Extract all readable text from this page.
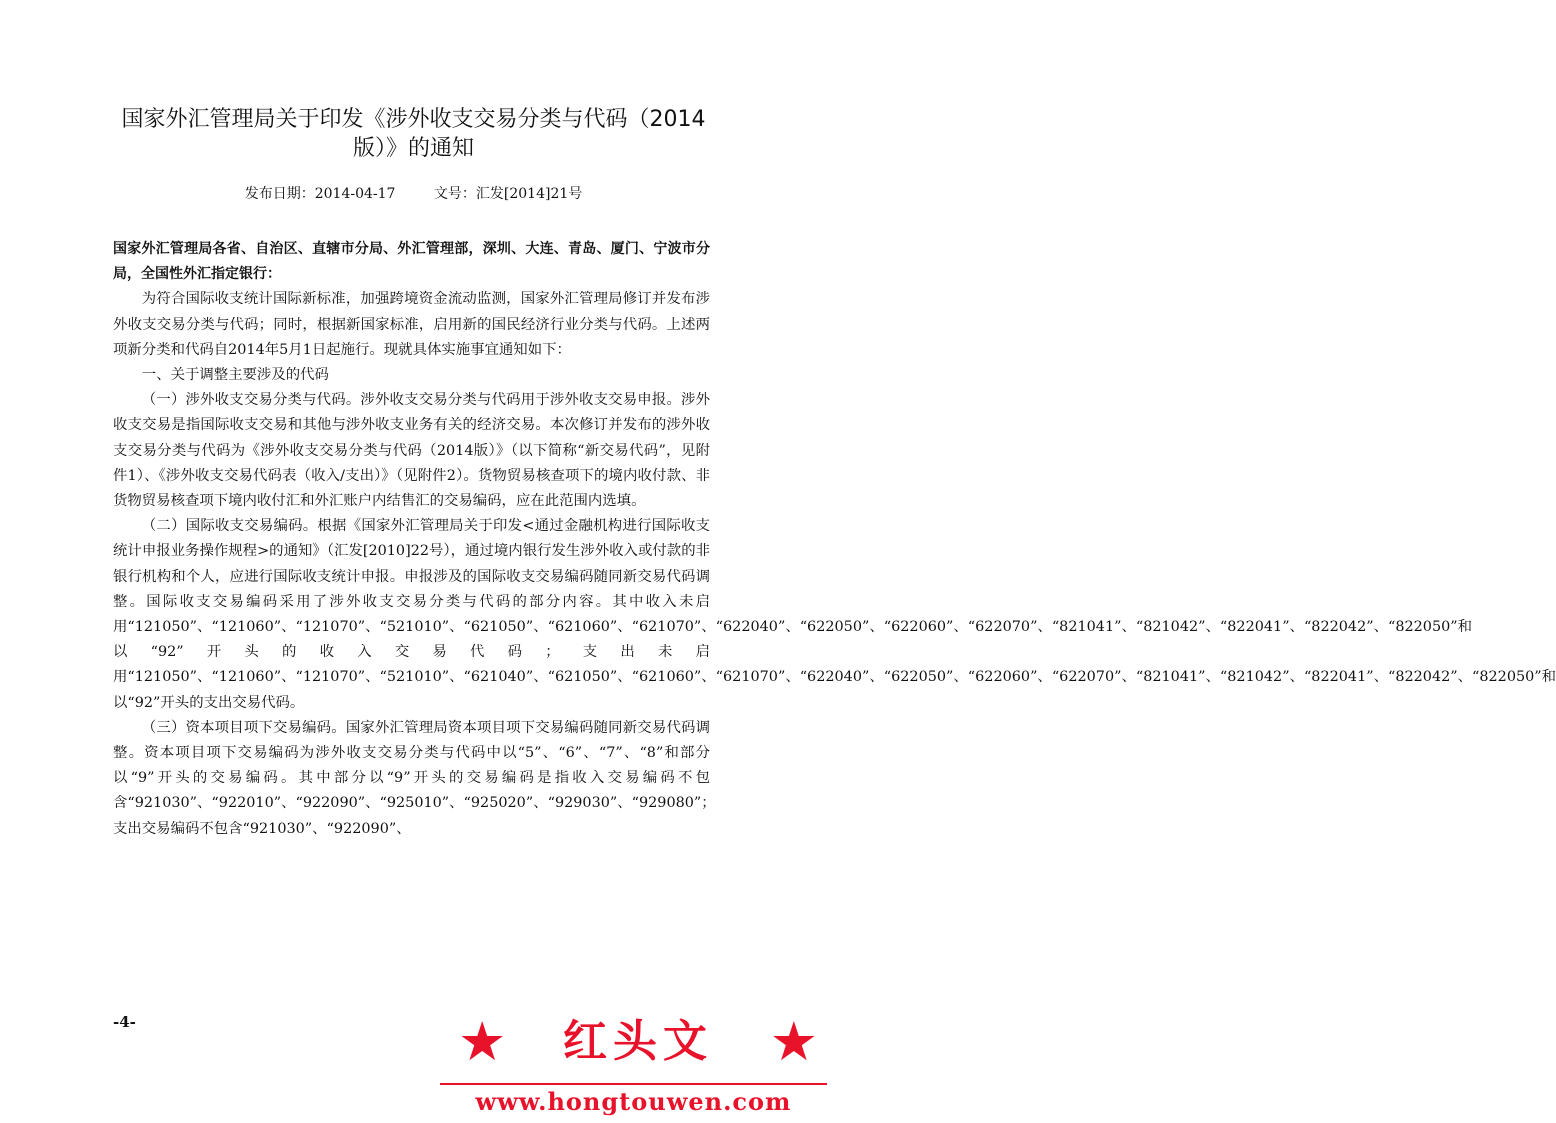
国家外汇管理局关于印发《涉外收支交易分类与代码（2014版）》的通知
发布日期：2014-04-17	文号：汇发[2014]21号

国家外汇管理局各省、自治区、直辖市分局、外汇管理部，深圳、大连、青岛、厦门、宁波市分局，全国性外汇指定银行：

为符合国际收支统计国际新标准，加强跨境资金流动监测，国家外汇管理局修订并发布涉外收支交易分类与代码；同时，根据新国家标准，启用新的国民经济行业分类与代码。上述两项新分类和代码自2014年5月1日起施行。现就具体实施事宜通知如下：

一、关于调整主要涉及的代码

（一）涉外收支交易分类与代码。涉外收支交易分类与代码用于涉外收支交易申报。涉外收支交易是指国际收支交易和其他与涉外收支业务有关的经济交易。本次修订并发布的涉外收支交易分类与代码为《涉外收支交易分类与代码（2014版）》（以下简称“新交易代码”，见附件1）、《涉外收支交易代码表（收入/支出）》（见附件2）。货物贸易核查项下的境内收付款、非货物贸易核查项下境内收付汇和外汇账户内结售汇的交易编码，应在此范围内选填。

（二）国际收支交易编码。根据《国家外汇管理局关于印发<通过金融机构进行国际收支统计申报业务操作规程>的通知》（汇发[2010]22号），通过境内银行发生涉外收入或付款的非银行机构和个人，应进行国际收支统计申报。申报涉及的国际收支交易编码随同新交易代码调整。国际收支交易编码采用了涉外收支交易分类与代码的部分内容。其中收入未启用“121050”、“121060”、“121070”、“521010”、“621050”、“621060”、“621070”、“622040”、“622050”、“622060”、“622070”、“821041”、“821042”、“822041”、“822042”、“822050”和以“92”开头的收入交易代码；支出未启用“121050”、“121060”、“121070”、“521010”、“621040”、“621050”、“621060”、“621070”、“622040”、“622050”、“622060”、“622070”、“821041”、“821042”、“822041”、“822042”、“822050”和以“92”开头的支出交易代码。

（三）资本项目项下交易编码。国家外汇管理局资本项目项下交易编码随同新交易代码调整。资本项目项下交易编码为涉外收支交易分类与代码中以“5”、“6”、“7”、“8”和部分以“9”开头的交易编码。其中部分以“9”开头的交易编码是指收入交易编码不包含“921030”、“922010”、“922090”、“925010”、“925020”、“929030”、“929080”；支出交易编码不包含“921030”、“922090”、

-4-	★ 红头文 ★
www.hongtouwen.com
